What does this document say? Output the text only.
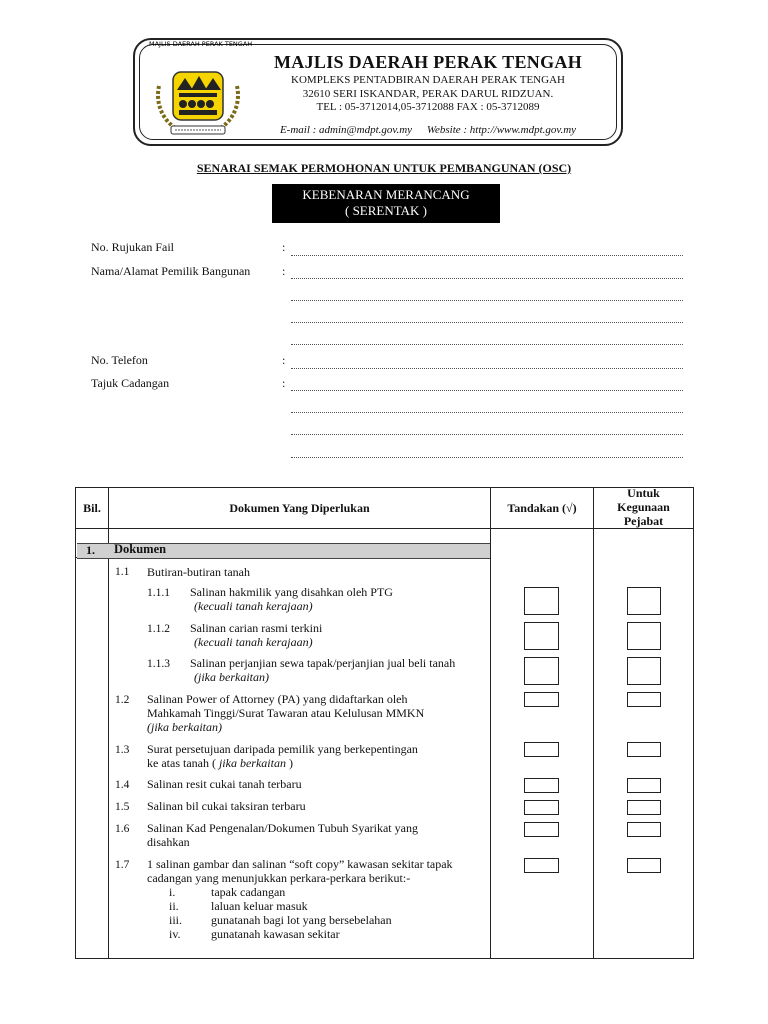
MAJLIS DAERAH PERAK TENGAH
MAJLIS DAERAH PERAK TENGAH
KOMPLEKS PENTADBIRAN DAERAH PERAK TENGAH
32610 SERI ISKANDAR, PERAK DARUL RIDZUAN.
TEL : 05-3712014,05-3712088 FAX : 05-3712089
E-mail : admin@mdpt.gov.my Website : http://www.mdpt.gov.my
SENARAI SEMAK PERMOHONAN UNTUK PEMBANGUNAN (OSC)
KEBENARAN MERANCANG
( SERENTAK )
No. Rujukan Fail	:
Nama/Alamat Pemilik Bangunan	:
No. Telefon	:
Tajuk Cadangan	:
Bil.	Dokumen Yang Diperlukan	Tandakan (√)
Untuk
Kegunaan
Pejabat
1. Dokumen
1.1 Butiran-butiran tanah
1.1.1 Salinan hakmilik yang disahkan oleh PTG
(kecuali tanah kerajaan)
1.1.2 Salinan carian rasmi terkini
(kecuali tanah kerajaan)
1.1.3 Salinan perjanjian sewa tapak/perjanjian jual beli tanah
(jika berkaitan)
1.2 Salinan Power of Attorney (PA) yang didaftarkan oleh
Mahkamah Tinggi/Surat Tawaran atau Kelulusan MMKN
(jika berkaitan)
1.3 Surat persetujuan daripada pemilik yang berkepentingan
ke atas tanah ( jika berkaitan )
1.4 Salinan resit cukai tanah terbaru
1.5 Salinan bil cukai taksiran terbaru
1.6 Salinan Kad Pengenalan/Dokumen Tubuh Syarikat yang
disahkan
1.7 1 salinan gambar dan salinan “soft copy” kawasan sekitar tapak
cadangan yang menunjukkan perkara-perkara berikut:-
i.	tapak cadangan
ii.	laluan keluar masuk
iii. gunatanah bagi lot yang bersebelahan
iv.	gunatanah kawasan sekitar
